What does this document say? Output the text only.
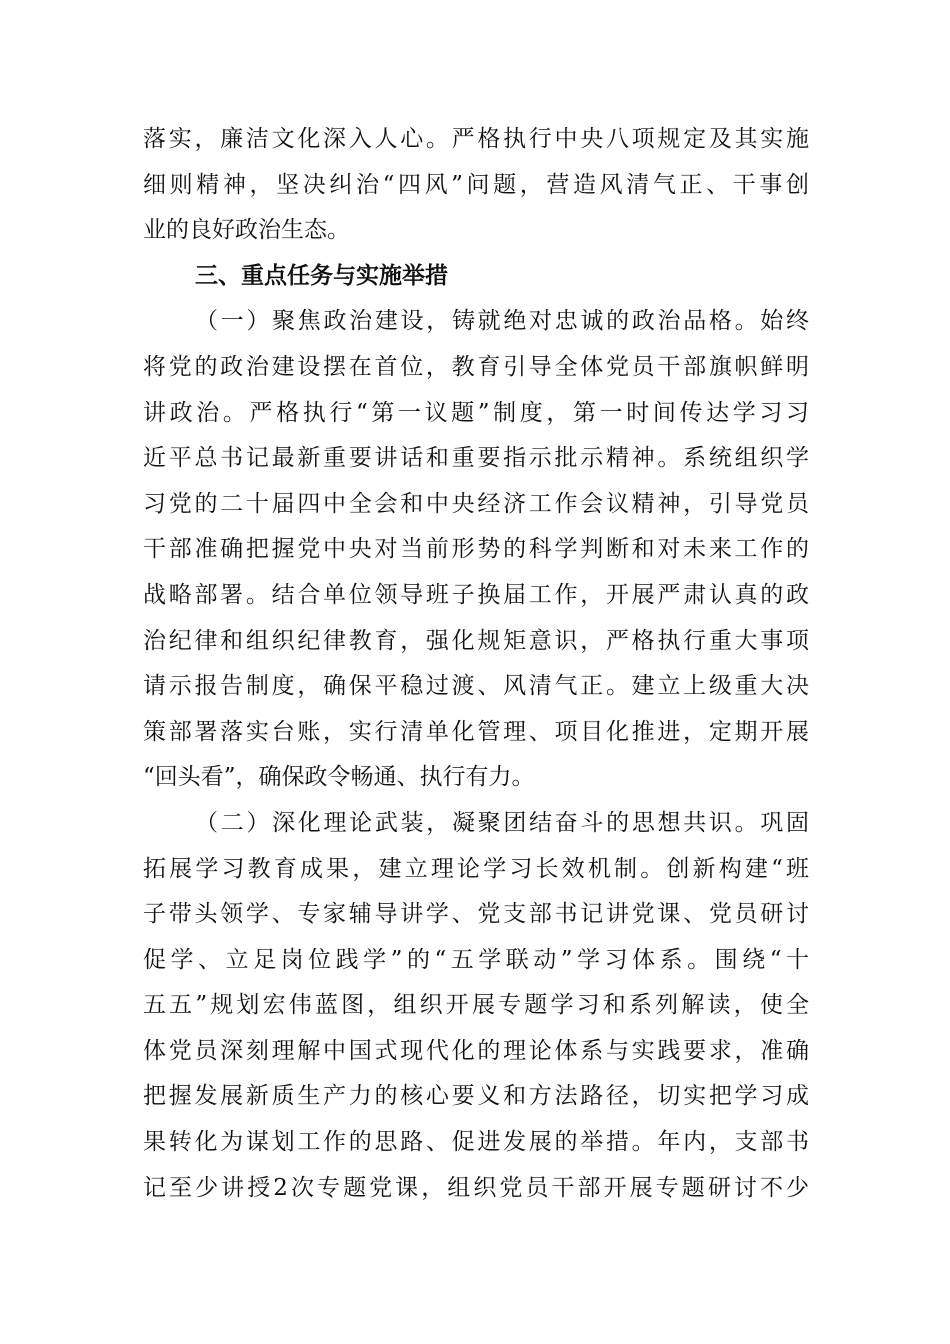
落实，廉洁文化深入人心。严格执行中央八项规定及其实施
细则精神，坚决纠治“四风”问题，营造风清气正、干事创
业的良好政治生态。
三、重点任务与实施举措
（一）聚焦政治建设，铸就绝对忠诚的政治品格。始终
将党的政治建设摆在首位，教育引导全体党员干部旗帜鲜明
讲政治。严格执行“第一议题”制度，第一时间传达学习习
近平总书记最新重要讲话和重要指示批示精神。系统组织学
习党的二十届四中全会和中央经济工作会议精神，引导党员
干部准确把握党中央对当前形势的科学判断和对未来工作的
战略部署。结合单位领导班子换届工作，开展严肃认真的政
治纪律和组织纪律教育，强化规矩意识，严格执行重大事项
请示报告制度，确保平稳过渡、风清气正。建立上级重大决
策部署落实台账，实行清单化管理、项目化推进，定期开展
“回头看”，确保政令畅通、执行有力。
（二）深化理论武装，凝聚团结奋斗的思想共识。巩固
拓展学习教育成果，建立理论学习长效机制。创新构建“班
子带头领学、专家辅导讲学、党支部书记讲党课、党员研讨
促学、立足岗位践学”的“五学联动”学习体系。围绕“十
五五”规划宏伟蓝图，组织开展专题学习和系列解读，使全
体党员深刻理解中国式现代化的理论体系与实践要求，准确
把握发展新质生产力的核心要义和方法路径，切实把学习成
果转化为谋划工作的思路、促进发展的举措。年内，支部书
记至少讲授2次专题党课，组织党员干部开展专题研讨不少
